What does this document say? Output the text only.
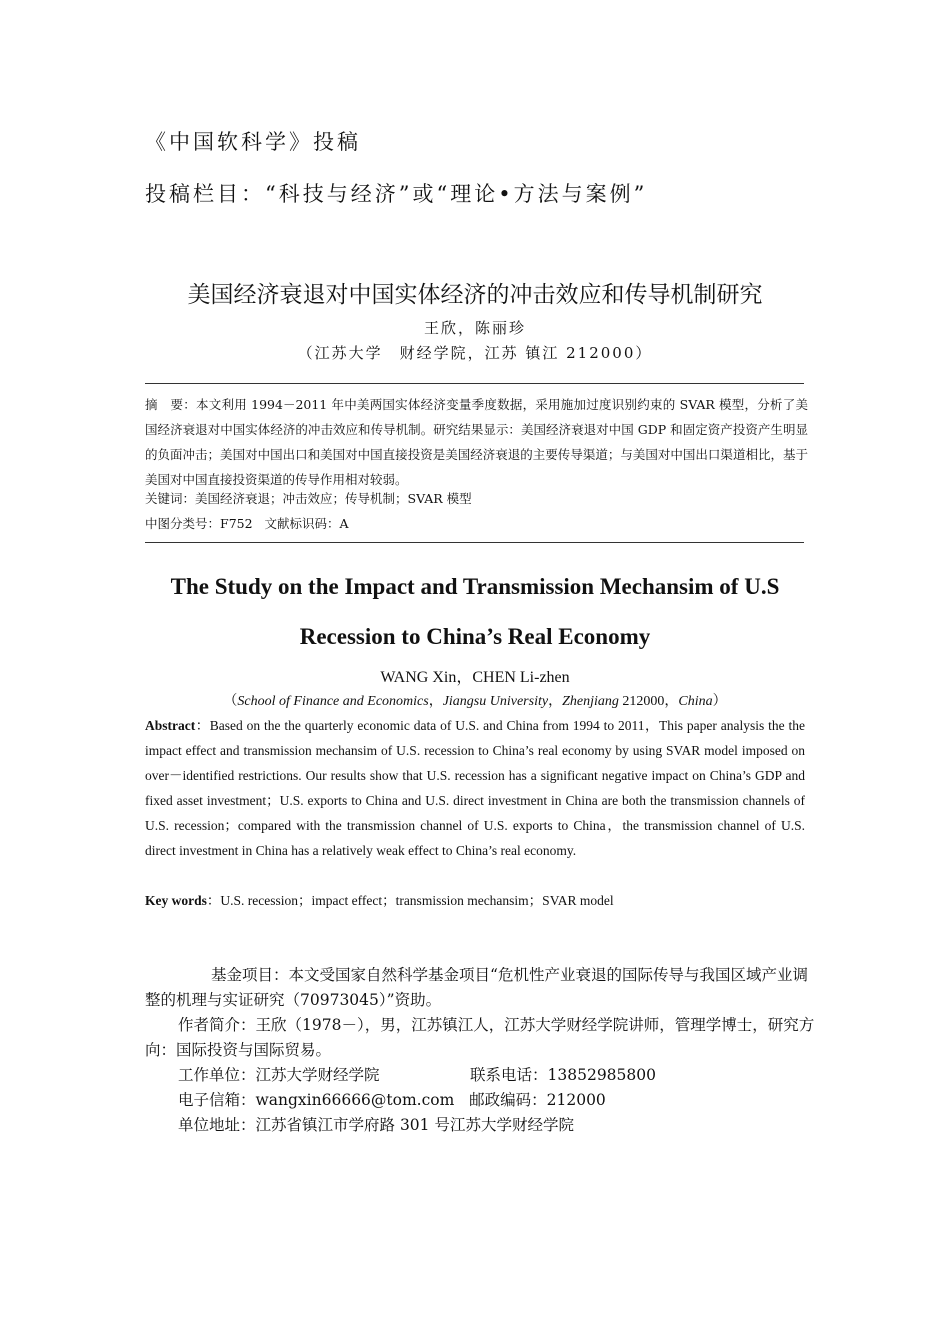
《中国软科学》投稿
投稿栏目：“科技与经济”或“理论•方法与案例”
美国经济衰退对中国实体经济的冲击效应和传导机制研究
王欣，陈丽珍
（江苏大学　财经学院，江苏 镇江 212000）
摘　要：本文利用 1994－2011 年中美两国实体经济变量季度数据，采用施加过度识别约束的 SVAR 模型，分析了美国经济衰退对中国实体经济的冲击效应和传导机制。研究结果显示：美国经济衰退对中国 GDP 和固定资产投资产生明显的负面冲击；美国对中国出口和美国对中国直接投资是美国经济衰退的主要传导渠道；与美国对中国出口渠道相比，基于美国对中国直接投资渠道的传导作用相对较弱。
关键词：美国经济衰退；冲击效应；传导机制；SVAR 模型
中图分类号：F752 文献标识码：A
The Study on the Impact and Transmission Mechansim of U.S
Recession to China’s Real Economy
WANG Xin，CHEN Li-zhen
（School of Finance and Economics，Jiangsu University，Zhenjiang 212000，China）
Abstract：Based on the the quarterly economic data of U.S. and China from 1994 to 2011，This paper analysis the the impact effect and transmission mechansim of U.S. recession to China’s real economy by using SVAR model imposed on over－identified restrictions. Our results show that U.S. recession has a significant negative impact on China’s GDP and fixed asset investment；U.S. exports to China and U.S. direct investment in China are both the transmission channels of U.S. recession；compared with the transmission channel of U.S. exports to China，the transmission channel of U.S. direct investment in China has a relatively weak effect to China’s real economy.
Key words：U.S. recession；impact effect；transmission mechansim；SVAR model
基金项目：本文受国家自然科学基金项目“危机性产业衰退的国际传导与我国区域产业调整的机理与实证研究（70973045）”资助。
作者简介：王欣（1978－），男，江苏镇江人，江苏大学财经学院讲师，管理学博士，研究方向：国际投资与国际贸易。
工作单位：江苏大学财经学院	联系电话：13852985800
电子信箱：wangxin66666@tom.com 邮政编码：212000
单位地址：江苏省镇江市学府路 301 号江苏大学财经学院
